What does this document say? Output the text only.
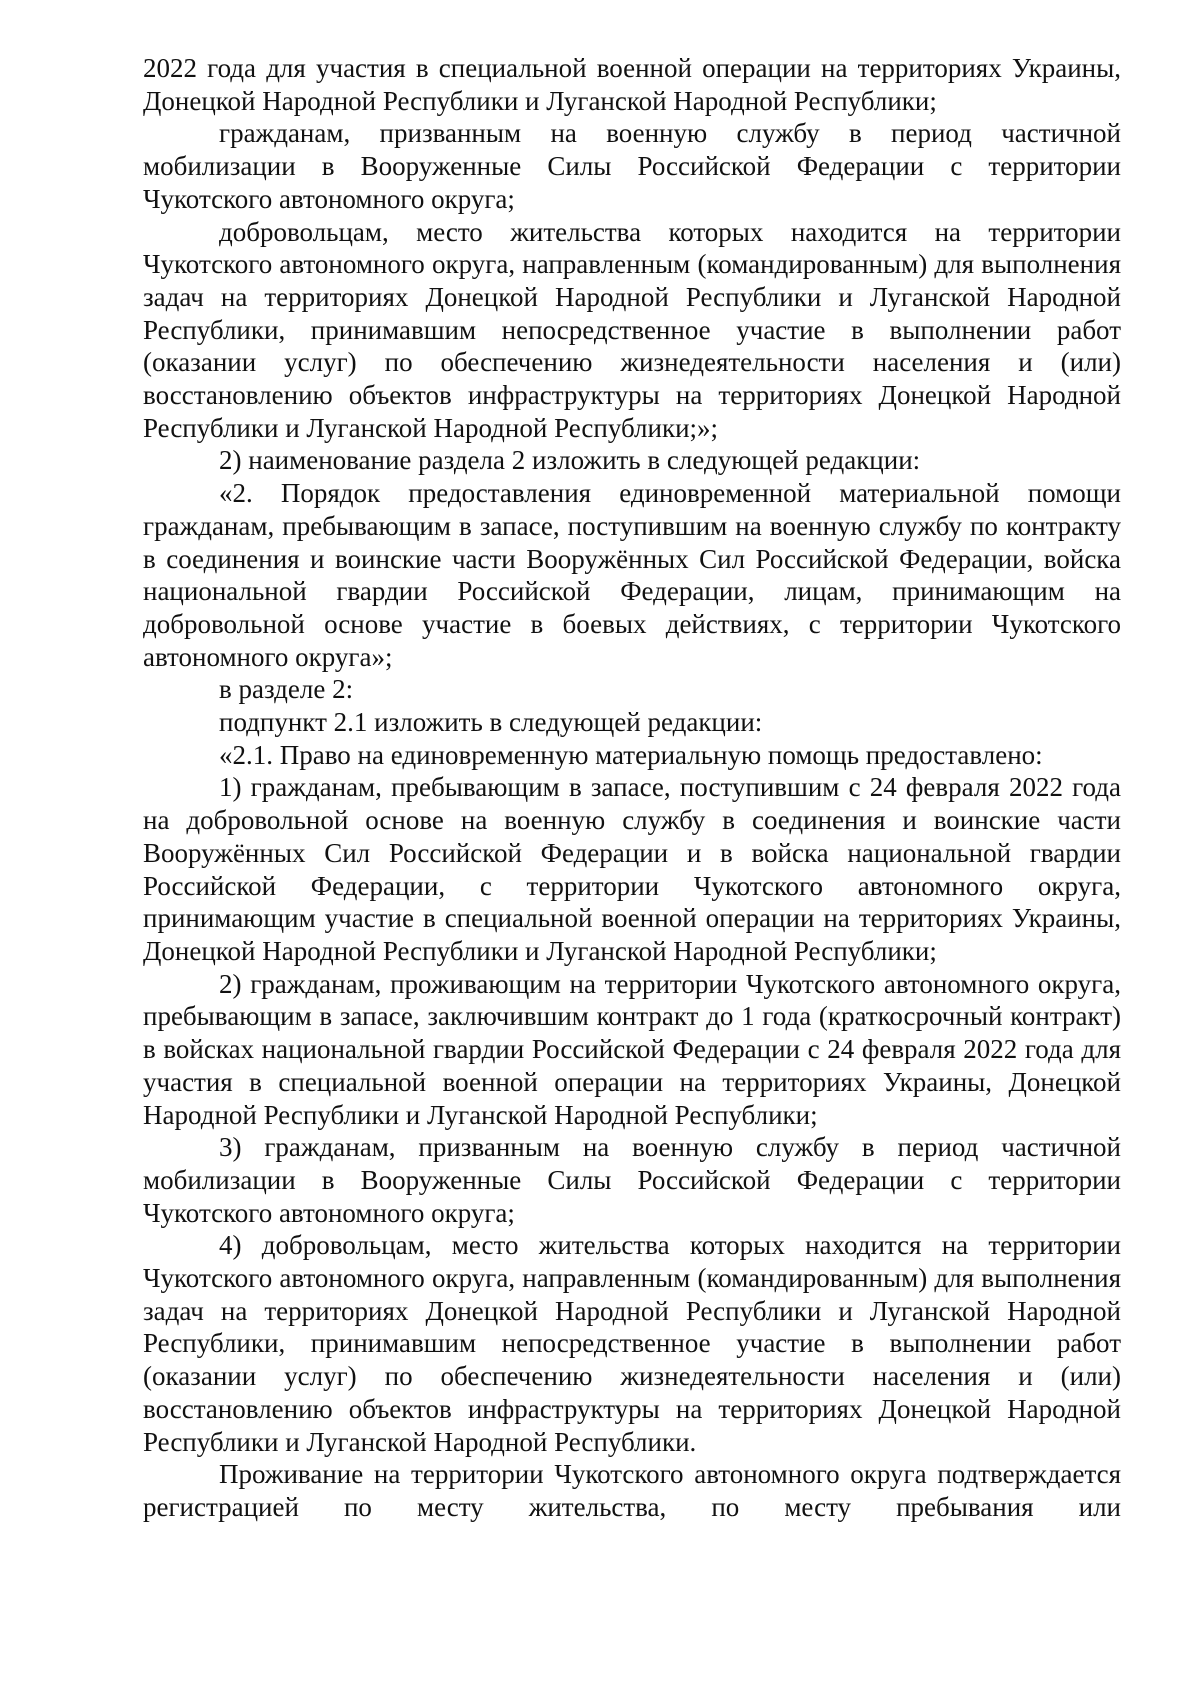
2022 года для участия в специальной военной операции на территориях Украины, Донецкой Народной Республики и Луганской Народной Республики;

гражданам, призванным на военную службу в период частичной мобилизации в Вооруженные Силы Российской Федерации с территории Чукотского автономного округа;

добровольцам, место жительства которых находится на территории Чукотского автономного округа, направленным (командированным) для выполнения задач на территориях Донецкой Народной Республики и Луганской Народной Республики, принимавшим непосредственное участие в выполнении работ (оказании услуг) по обеспечению жизнедеятельности населения и (или) восстановлению объектов инфраструктуры на территориях Донецкой Народной Республики и Луганской Народной Республики;»;

2) наименование раздела 2 изложить в следующей редакции:

«2. Порядок предоставления единовременной материальной помощи гражданам, пребывающим в запасе, поступившим на военную службу по контракту в соединения и воинские части Вооружённых Сил Российской Федерации, войска национальной гвардии Российской Федерации, лицам, принимающим на добровольной основе участие в боевых действиях, с территории Чукотского автономного округа»;

в разделе 2:

подпункт 2.1 изложить в следующей редакции:

«2.1. Право на единовременную материальную помощь предоставлено:

1) гражданам, пребывающим в запасе, поступившим с 24 февраля 2022 года на добровольной основе на военную службу в соединения и воинские части Вооружённых Сил Российской Федерации и в войска национальной гвардии Российской Федерации, с территории Чукотского автономного округа, принимающим участие в специальной военной операции на территориях Украины, Донецкой Народной Республики и Луганской Народной Республики;

2) гражданам, проживающим на территории Чукотского автономного округа, пребывающим в запасе, заключившим контракт до 1 года (краткосрочный контракт) в войсках национальной гвардии Российской Федерации с 24 февраля 2022 года для участия в специальной военной операции на территориях Украины, Донецкой Народной Республики и Луганской Народной Республики;

3) гражданам, призванным на военную службу в период частичной мобилизации в Вооруженные Силы Российской Федерации с территории Чукотского автономного округа;

4) добровольцам, место жительства которых находится на территории Чукотского автономного округа, направленным (командированным) для выполнения задач на территориях Донецкой Народной Республики и Луганской Народной Республики, принимавшим непосредственное участие в выполнении работ (оказании услуг) по обеспечению жизнедеятельности населения и (или) восстановлению объектов инфраструктуры на территориях Донецкой Народной Республики и Луганской Народной Республики.

Проживание на территории Чукотского автономного округа подтверждается регистрацией по месту жительства, по месту пребывания или
